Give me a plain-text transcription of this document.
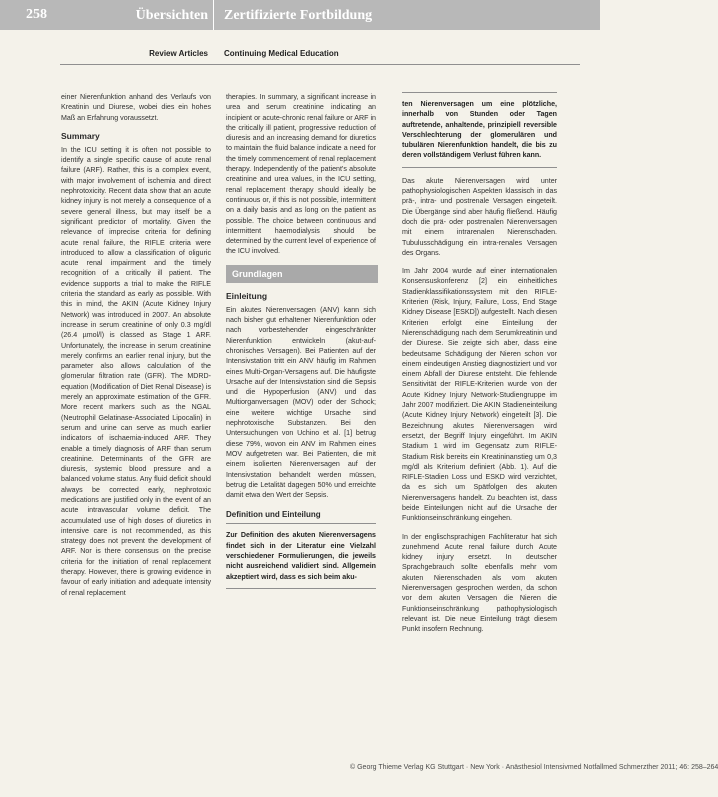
258	Übersichten Zertifizierte Fortbildung
Review Articles Continuing Medical Education

einer Nierenfunktion anhand des Verlaufs von Kreatinin und Diurese, wobei dies ein hohes Maß an Erfahrung voraussetzt.

Summary

In the ICU setting it is often not possible to identify a single specific cause of acute renal failure (ARF). Rather, this is a complex event, with major involvement of ischemia and direct nephrotoxicity. Recent data show that an acute kidney injury is not merely a consequence of a severe general illness, but may itself be a significant predictor of mortality. Given the relevance of imprecise criteria for defining acute renal failure, the RIFLE criteria were introduced to allow a classification of oliguric acute renal impairment and the timely recognition of a critically ill patient. The evidence supports a trial to make the RIFLE criteria the standard as early as possible. With this in mind, the AKIN (Acute Kidney Injury Network) was introduced in 2007. An absolute increase in serum creatinine of only 0.3 mg/dl (26.4 µmol/l) is classed as Stage 1 ARF. Unfortunately, the increase in serum creatinine merely confirms an earlier renal injury, but the parameter also allows calculation of the glomerular filtration rate (GFR). The MDRD-equation (Modification of Diet Renal Disease) is merely an approximate estimation of the GFR. More recent markers such as the NGAL (Neutrophil Gelatinase-Associated Lipocalin) in serum and urine can serve as much earlier indicators of ischaemia-induced ARF. They enable a timely diagnosis of ARF than serum creatinine. Determinants of the GFR are diuresis, systemic blood pressure and a balanced volume status. Any fluid deficit should always be corrected early, nephrotoxic medications are justified only in the event of an acute intravascular volume deficit. The accumulated use of high doses of diuretics in intensive care is not recommended, as this strategy does not prevent the development of ARF. Nor is there consensus on the precise criteria for the initiation of renal replacement therapy. However, there is growing evidence in favour of early initiation and adequate intensity of renal replacement

therapies. In summary, a significant increase in urea and serum creatinine indicating an incipient or acute-chronic renal failure or ARF in the critically ill patient, progressive reduction of diuresis and an increasing demand for diuretics to maintain the fluid balance indicate a need for the timely commencement of renal replacement therapy. Independently of the patient's absolute creatinine and urea values, in the ICU setting, renal replacement therapy should ideally be continuous or, if this is not possible, intermittent on a daily basis and as long on the patient as possible. The choice between continuous and intermittent haemodialysis should be determined by the current level of experience of the ICU involved.

Grundlagen
Einleitung

Ein akutes Nierenversagen (ANV) kann sich nach bisher gut erhaltener Nierenfunktion oder nach vorbestehender eingeschränkter Nierenfunktion entwickeln (akut-auf-chronisches Versagen). Bei Patienten auf der Intensivstation tritt ein ANV häufig im Rahmen eines Multi-Organ-Versagens auf. Die häufigste Ursache auf der Intensivstation sind die Sepsis und die Hypoperfusion (ANV) und das Multiorganversagen (MOV) oder der Schock; eine weitere wichtige Ursache sind nephrotoxische Substanzen. Bei den Untersuchungen von Uchino et al. [1] betrug diese 79%, wovon ein ANV im Rahmen eines MOV aufgetreten war. Bei Patienten, die mit einem isolierten Nierenversagen auf der Intensivstation behandelt werden müssen, betrug die Letalität dagegen 50% und erreichte damit etwa den Wert der Sepsis.

Definition und Einteilung
Zur Definition des akuten Nierenversagens findet sich in der Literatur eine Vielzahl verschiedener Formulierungen, die jeweils nicht ausreichend validiert sind. Allgemein akzeptiert wird, dass es sich beim aku-
ten Nierenversagen um eine plötzliche, innerhalb von Stunden oder Tagen auftretende, anhaltende, prinzipiell reversible Verschlechterung der glomerulären und tubulären Nierenfunktion handelt, die bis zu deren vollständigem Verlust führen kann.

Das akute Nierenversagen wird unter pathophysiologischen Aspekten klassisch in das prä-, intra- und postrenale Versagen eingeteilt. Die Übergänge sind aber häufig fließend. Häufig doch die prä- oder postrenalen Nierenversagen mit einem intrarenalen Nierenschaden. Tubulusschädigung ein intra-renales Versagen des Organs.

Im Jahr 2004 wurde auf einer internationalen Konsensuskonferenz [2] ein einheitliches Stadienklassifikationssystem mit den RIFLE-Kriterien (Risk, Injury, Failure, Loss, End Stage Kidney Disease [ESKD]) aufgestellt. Nach diesen Kriterien erfolgt eine Einteilung der Nierenschädigung nach dem Serumkreatinin und der Diurese. Sie zeigte sich aber, dass eine bedeutsame Schädigung der Nieren schon vor einem eindeutigen Anstieg diagnostiziert und vor einem Abfall der Diurese entsteht. Die fehlende Sensitivität der RIFLE-Kriterien wurde von der Acute Kidney Injury Network-Studiengruppe im Jahr 2007 modifiziert. Die AKIN Stadieneinteilung (Acute Kidney Injury Network) eingeteilt [3]. Die Bezeichnung akutes Nierenversagen wird ersetzt, der Begriff Injury eingeführt. Im AKIN Stadium 1 wird im Gegensatz zum RIFLE-Stadium Risk bereits ein Kreatininanstieg um 0,3 mg/dl als Kriterium definiert (Abb. 1). Auf die RIFLE-Stadien Loss und ESKD wird verzichtet, da es sich um Spätfolgen des akuten Nierenversagens handelt. Zu beachten ist, dass beide Einteilungen nicht auf die Ursache der Funktionseinschränkung eingehen.

In der englischsprachigen Fachliteratur hat sich zunehmend Acute renal failure durch Acute kidney injury ersetzt. In deutscher Sprachgebrauch sollte ebenfalls mehr vom akuten Nierenschaden als vom akuten Nierenversagen gesprochen werden, da schon vor dem akuten Versagen die Nieren die Funktionseinschränkung pathophysiologisch relevant ist. Die neue Einteilung trägt diesem Punkt insofern Rechnung.

© Georg Thieme Verlag KG Stuttgart · New York · Anästhesiol Intensivmed Notfallmed Schmerzther 2011; 46: 258–264
